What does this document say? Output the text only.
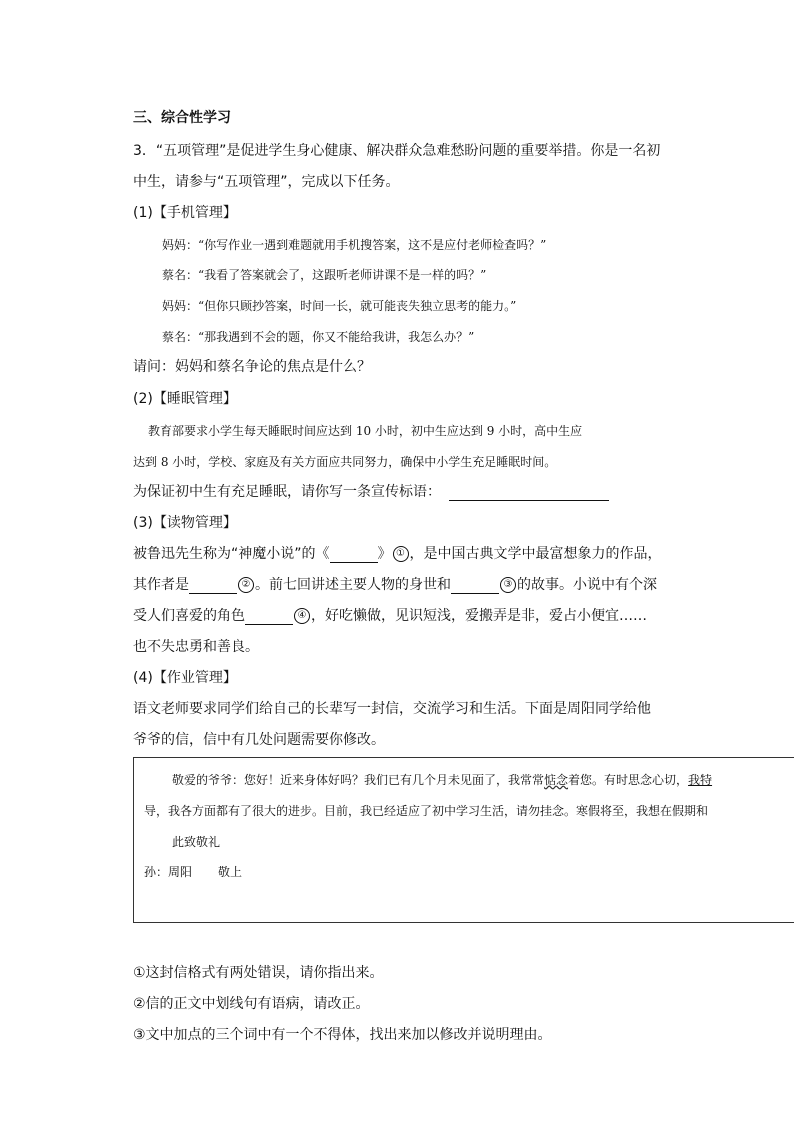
三、综合性学习
3．“五项管理”是促进学生身心健康、解决群众急难愁盼问题的重要举措。你是一名初
中生，请参与“五项管理”，完成以下任务。
(1)【手机管理】
妈妈：“你写作业一遇到难题就用手机搜答案，这不是应付老师检查吗？”
蔡名：“我看了答案就会了，这跟听老师讲课不是一样的吗？”
妈妈：“但你只顾抄答案，时间一长，就可能丧失独立思考的能力。”
蔡名：“那我遇到不会的题，你又不能给我讲，我怎么办？”
请问：妈妈和蔡名争论的焦点是什么？
(2)【睡眠管理】
教育部要求小学生每天睡眠时间应达到 10 小时，初中生应达到 9 小时，高中生应
达到 8 小时，学校、家庭及有关方面应共同努力，确保中小学生充足睡眠时间。
为保证初中生有充足睡眠，请你写一条宣传标语：
(3)【读物管理】
被鲁迅先生称为“神魔小说”的《	》 ① ，是中国古典文学中最富想象力的作品，
其作者是	② 。前七回讲述主要人物的身世和	③ 的故事。小说中有个深
受人们喜爱的角色	④ ，好吃懒做，见识短浅，爱搬弄是非，爱占小便宜……
也不失忠勇和善良。
(4)【作业管理】
语文老师要求同学们给自己的长辈写一封信，交流学习和生活。下面是周阳同学给他
爷爷的信，信中有几处问题需要你修改。
敬爱的爷爷：您好！近来身体好吗？我们已有几个月未见面了，我常常惦念着您。有时思念心切，我特
导，我各方面都有了很大的进步。目前，我已经适应了初中学习生活，请勿挂念。寒假将至，我想在假期和
此致敬礼
孙：周阳 敬上
①这封信格式有两处错误，请你指出来。
②信的正文中划线句有语病，请改正。
③文中加点的三个词中有一个不得体，找出来加以修改并说明理由。
